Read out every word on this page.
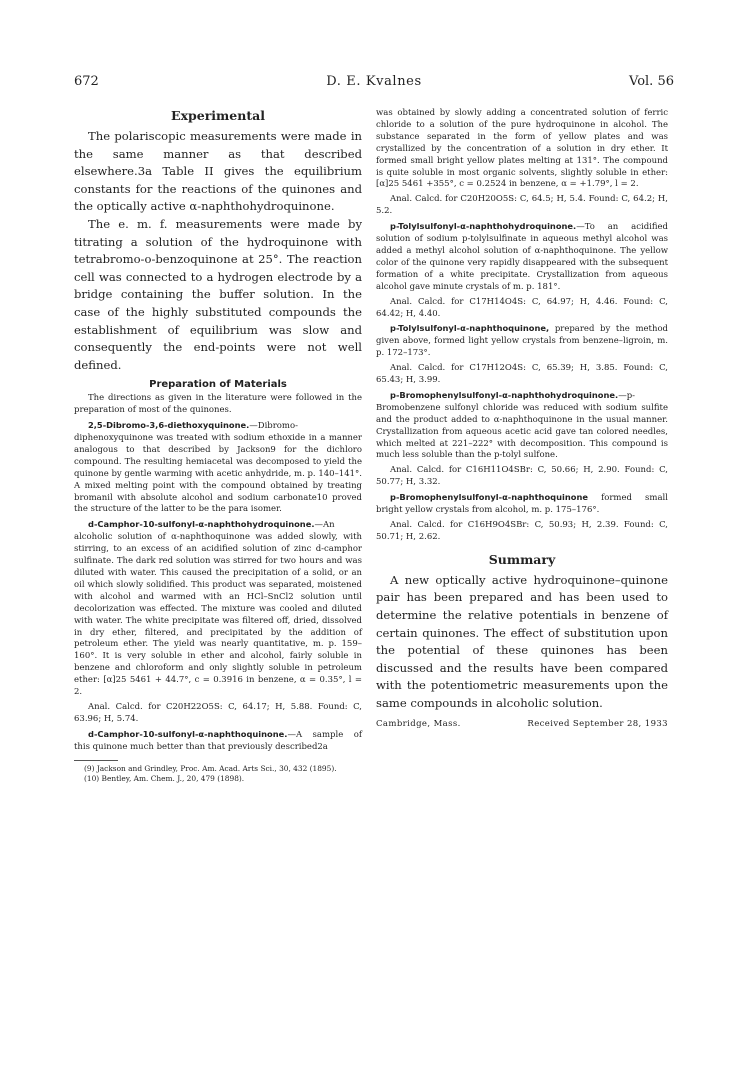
672	D. E. Kvalnes	Vol. 56
Experimental

The polariscopic measurements were made in the same manner as that described elsewhere.3a Table II gives the equilibrium constants for the reactions of the quinones and the optically active α-naphthohydroquinone.

The e. m. f. measurements were made by titrating a solution of the hydroquinone with tetrabromo-o-benzoquinone at 25°. The reaction cell was connected to a hydrogen electrode by a bridge containing the buffer solution. In the case of the highly substituted compounds the establishment of equilibrium was slow and consequently the end-points were not well defined.

Preparation of Materials

The directions as given in the literature were followed in the preparation of most of the quinones.

2,5-Dibromo-3,6-diethoxyquinone.—Dibromo-diphenoxyquinone was treated with sodium ethoxide in a manner analogous to that described by Jackson9 for the dichloro compound. The resulting hemiacetal was decomposed to yield the quinone by gentle warming with acetic anhydride, m. p. 140–141°. A mixed melting point with the compound obtained by treating bromanil with absolute alcohol and sodium carbonate10 proved the structure of the latter to be the para isomer.

d-Camphor-10-sulfonyl-α-naphthohydroquinone.—An alcoholic solution of α-naphthoquinone was added slowly, with stirring, to an excess of an acidified solution of zinc d-camphor sulfinate. The dark red solution was stirred for two hours and was diluted with water. This caused the precipitation of a solid, or an oil which slowly solidified. This product was separated, moistened with alcohol and warmed with an HCl–SnCl2 solution until decolorization was effected. The mixture was cooled and diluted with water. The white precipitate was filtered off, dried, dissolved in dry ether, filtered, and precipitated by the addition of petroleum ether. The yield was nearly quantitative, m. p. 159–160°. It is very soluble in ether and alcohol, fairly soluble in benzene and chloroform and only slightly soluble in petroleum ether: [α]25 5461 + 44.7°, c = 0.3916 in benzene, α = 0.35°, l = 2.

Anal. Calcd. for C20H22O5S: C, 64.17; H, 5.88. Found: C, 63.96; H, 5.74.

d-Camphor-10-sulfonyl-α-naphthoquinone.—A sample of this quinone much better than that previously described2a

(9) Jackson and Grindley, Proc. Am. Acad. Arts Sci., 30, 432 (1895).

(10) Bentley, Am. Chem. J., 20, 479 (1898).

was obtained by slowly adding a concentrated solution of ferric chloride to a solution of the pure hydroquinone in alcohol. The substance separated in the form of yellow plates and was crystallized by the concentration of a solution in dry ether. It formed small bright yellow plates melting at 131°. The compound is quite soluble in most organic solvents, slightly soluble in ether: [α]25 5461 +355°, c = 0.2524 in benzene, α = +1.79°, l = 2.

Anal. Calcd. for C20H20O5S: C, 64.5; H, 5.4. Found: C, 64.2; H, 5.2.

p-Tolylsulfonyl-α-naphthohydroquinone.—To an acidified solution of sodium p-tolylsulfinate in aqueous methyl alcohol was added a methyl alcohol solution of α-naphthoquinone. The yellow color of the quinone very rapidly disappeared with the subsequent formation of a white precipitate. Crystallization from aqueous alcohol gave minute crystals of m. p. 181°.

Anal. Calcd. for C17H14O4S: C, 64.97; H, 4.46. Found: C, 64.42; H, 4.40.

p-Tolylsulfonyl-α-naphthoquinone, prepared by the method given above, formed light yellow crystals from benzene–ligroin, m. p. 172–173°.

Anal. Calcd. for C17H12O4S: C, 65.39; H, 3.85. Found: C, 65.43; H, 3.99.

p-Bromophenylsulfonyl-α-naphthohydroquinone.—p-Bromobenzene sulfonyl chloride was reduced with sodium sulfite and the product added to α-naphthoquinone in the usual manner. Crystallization from aqueous acetic acid gave tan colored needles, which melted at 221–222° with decomposition. This compound is much less soluble than the p-tolyl sulfone.

Anal. Calcd. for C16H11O4SBr: C, 50.66; H, 2.90. Found: C, 50.77; H, 3.32.

p-Bromophenylsulfonyl-α-naphthoquinone formed small bright yellow crystals from alcohol, m. p. 175–176°.

Anal. Calcd. for C16H9O4SBr: C, 50.93; H, 2.39. Found: C, 50.71; H, 2.62.

Summary

A new optically active hydroquinone–quinone pair has been prepared and has been used to determine the relative potentials in benzene of certain quinones. The effect of substitution upon the potential of these quinones has been discussed and the results have been compared with the potentiometric measurements upon the same compounds in alcoholic solution.

Cambridge, Mass.	Received September 28, 1933
